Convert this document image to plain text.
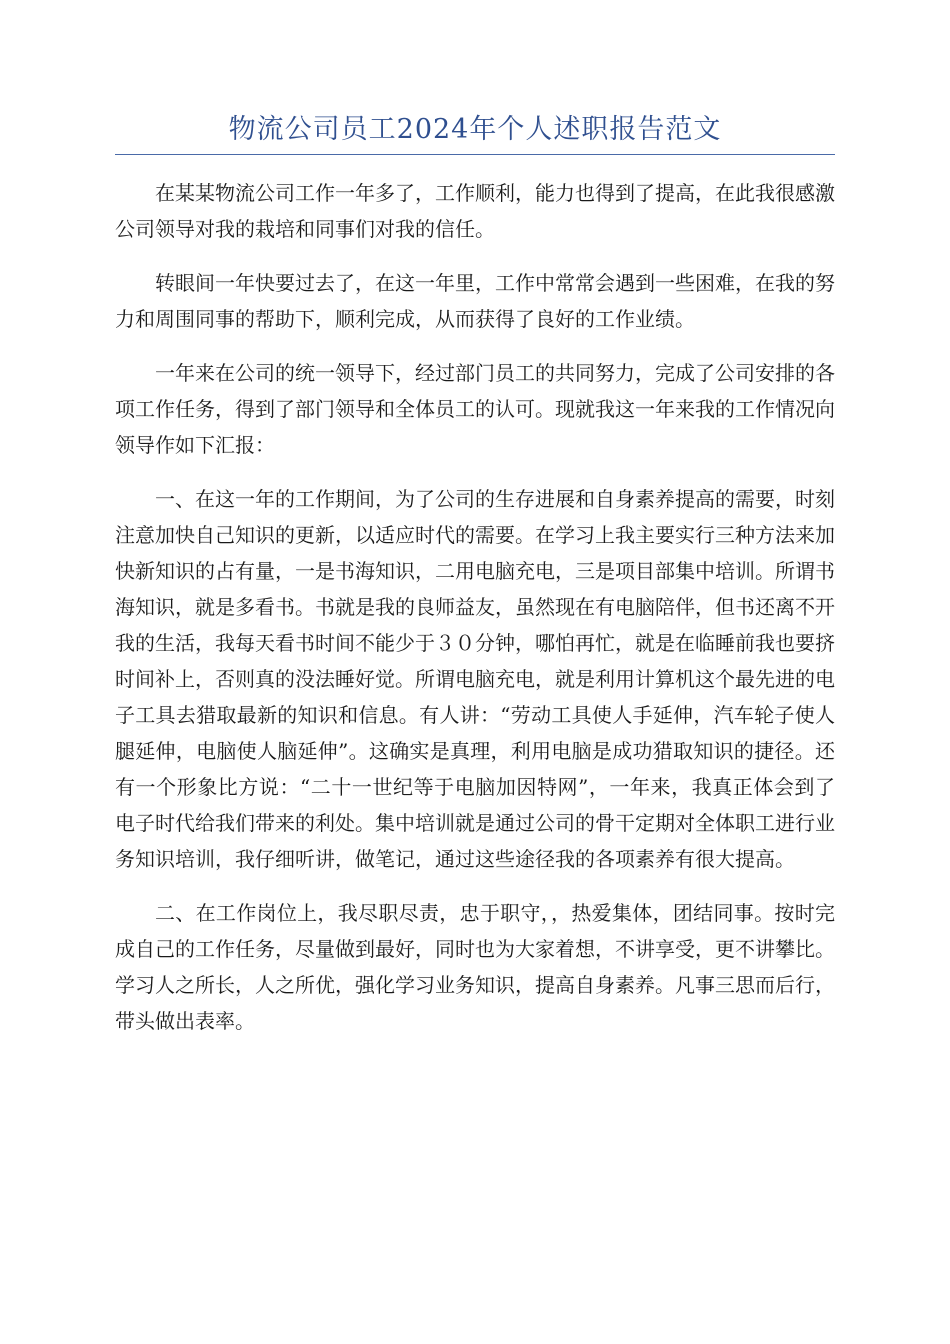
物流公司员工2024年个人述职报告范文

在某某物流公司工作一年多了，工作顺利，能力也得到了提高，在此我很感激公司领导对我的栽培和同事们对我的信任。

转眼间一年快要过去了，在这一年里，工作中常常会遇到一些困难，在我的努力和周围同事的帮助下，顺利完成，从而获得了良好的工作业绩。

一年来在公司的统一领导下，经过部门员工的共同努力，完成了公司安排的各项工作任务，得到了部门领导和全体员工的认可。现就我这一年来我的工作情况向领导作如下汇报：

一、在这一年的工作期间，为了公司的生存进展和自身素养提高的需要，时刻注意加快自己知识的更新，以适应时代的需要。在学习上我主要实行三种方法来加快新知识的占有量，一是书海知识，二用电脑充电，三是项目部集中培训。所谓书海知识，就是多看书。书就是我的良师益友，虽然现在有电脑陪伴，但书还离不开我的生活，我每天看书时间不能少于３０分钟，哪怕再忙，就是在临睡前我也要挤时间补上，否则真的没法睡好觉。所谓电脑充电，就是利用计算机这个最先进的电子工具去猎取最新的知识和信息。有人讲：“劳动工具使人手延伸，汽车轮子使人腿延伸，电脑使人脑延伸”。这确实是真理，利用电脑是成功猎取知识的捷径。还有一个形象比方说：“二十一世纪等于电脑加因特网”，一年来，我真正体会到了电子时代给我们带来的利处。集中培训就是通过公司的骨干定期对全体职工进行业务知识培训，我仔细听讲，做笔记，通过这些途径我的各项素养有很大提高。

二、在工作岗位上，我尽职尽责，忠于职守，，热爱集体，团结同事。按时完成自己的工作任务，尽量做到最好，同时也为大家着想，不讲享受，更不讲攀比。学习人之所长，人之所优，强化学习业务知识，提高自身素养。凡事三思而后行，带头做出表率。
